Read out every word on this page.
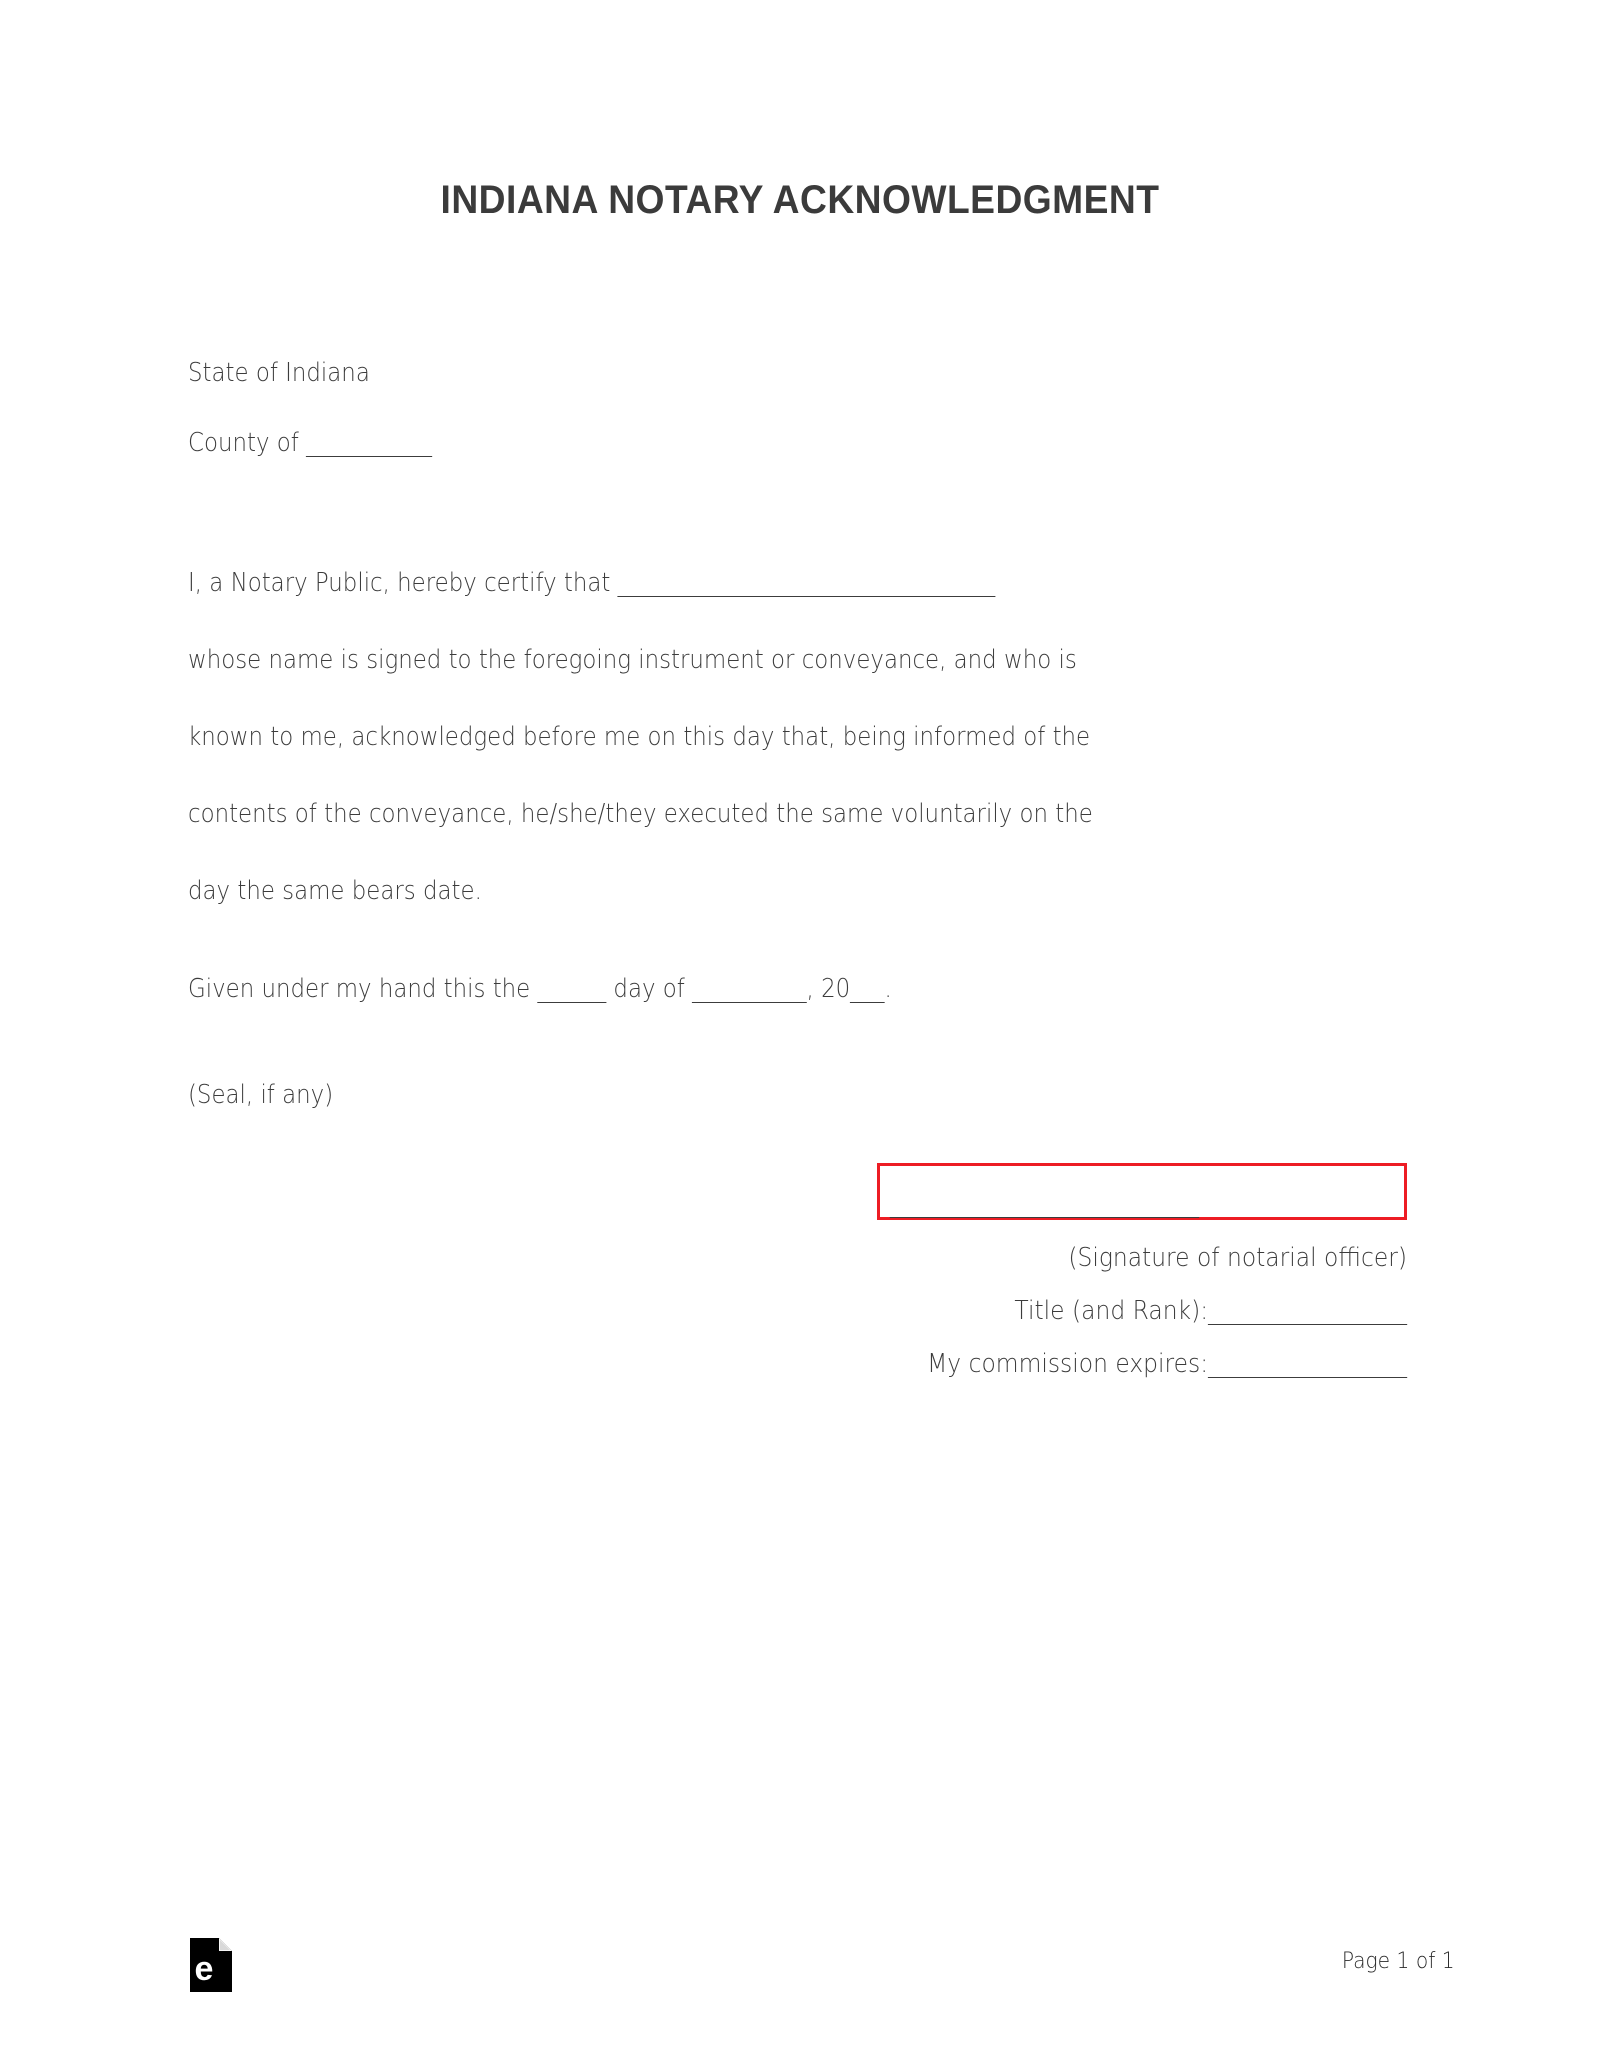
INDIANA NOTARY ACKNOWLEDGMENT
State of Indiana
County of ___________
I, a Notary Public, hereby certify that _________________________________
whose name is signed to the foregoing instrument or conveyance, and who is
known to me, acknowledged before me on this day that, being informed of the
contents of the conveyance, he/she/they executed the same voluntarily on the
day the same bears date.
Given under my hand this the ______ day of __________, 20___.
(Seal, if any)
___________________________
(Signature of notarial officer)
Title (and Rank):_________________
My commission expires:_________________
e	Page 1 of 1
